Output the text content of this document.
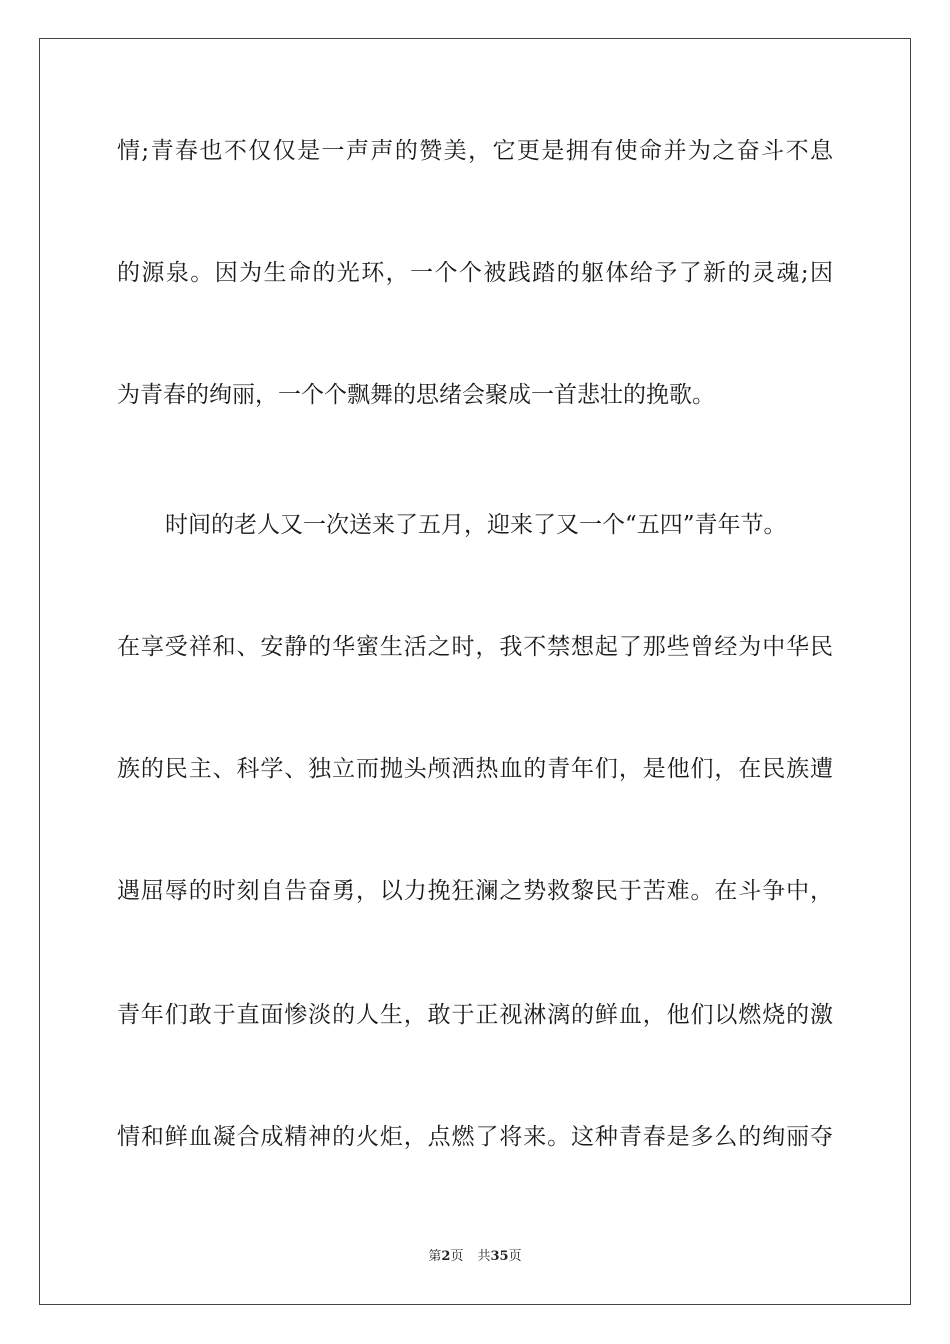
情;青春也不仅仅是一声声的赞美，它更是拥有使命并为之奋斗不息
的源泉。因为生命的光环，一个个被践踏的躯体给予了新的灵魂;因
为青春的绚丽，一个个飘舞的思绪会聚成一首悲壮的挽歌。
时间的老人又一次送来了五月，迎来了又一个“五四”青年节。
在享受祥和、安静的华蜜生活之时，我不禁想起了那些曾经为中华民
族的民主、科学、独立而抛头颅洒热血的青年们，是他们，在民族遭
遇屈辱的时刻自告奋勇，以力挽狂澜之势救黎民于苦难。在斗争中，
青年们敢于直面惨淡的人生，敢于正视淋漓的鲜血，他们以燃烧的激
情和鲜血凝合成精神的火炬，点燃了将来。这种青春是多么的绚丽夺
第2页 共35页
